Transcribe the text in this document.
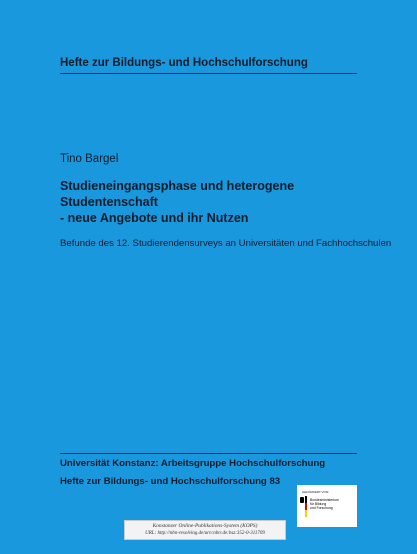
Hefte zur Bildungs- und Hochschulforschung
Tino Bargel
Studieneingangsphase und heterogene Studentenschaft
- neue Angebote und ihr Nutzen
Befunde des 12. Studierendensurveys an Universitäten und Fachhochschulen
Universität Konstanz: Arbeitsgruppe Hochschulforschung
Hefte zur Bildungs- und Hochschulforschung 83
GEFÖRDERT VOM
Bundesministerium
für Bildung
und Forschung
Konstanzer Online-Publikations-System (KOPS)
URL: http://nbn-resolving.de/urn:nbn:de:bsz:352-0-311709
